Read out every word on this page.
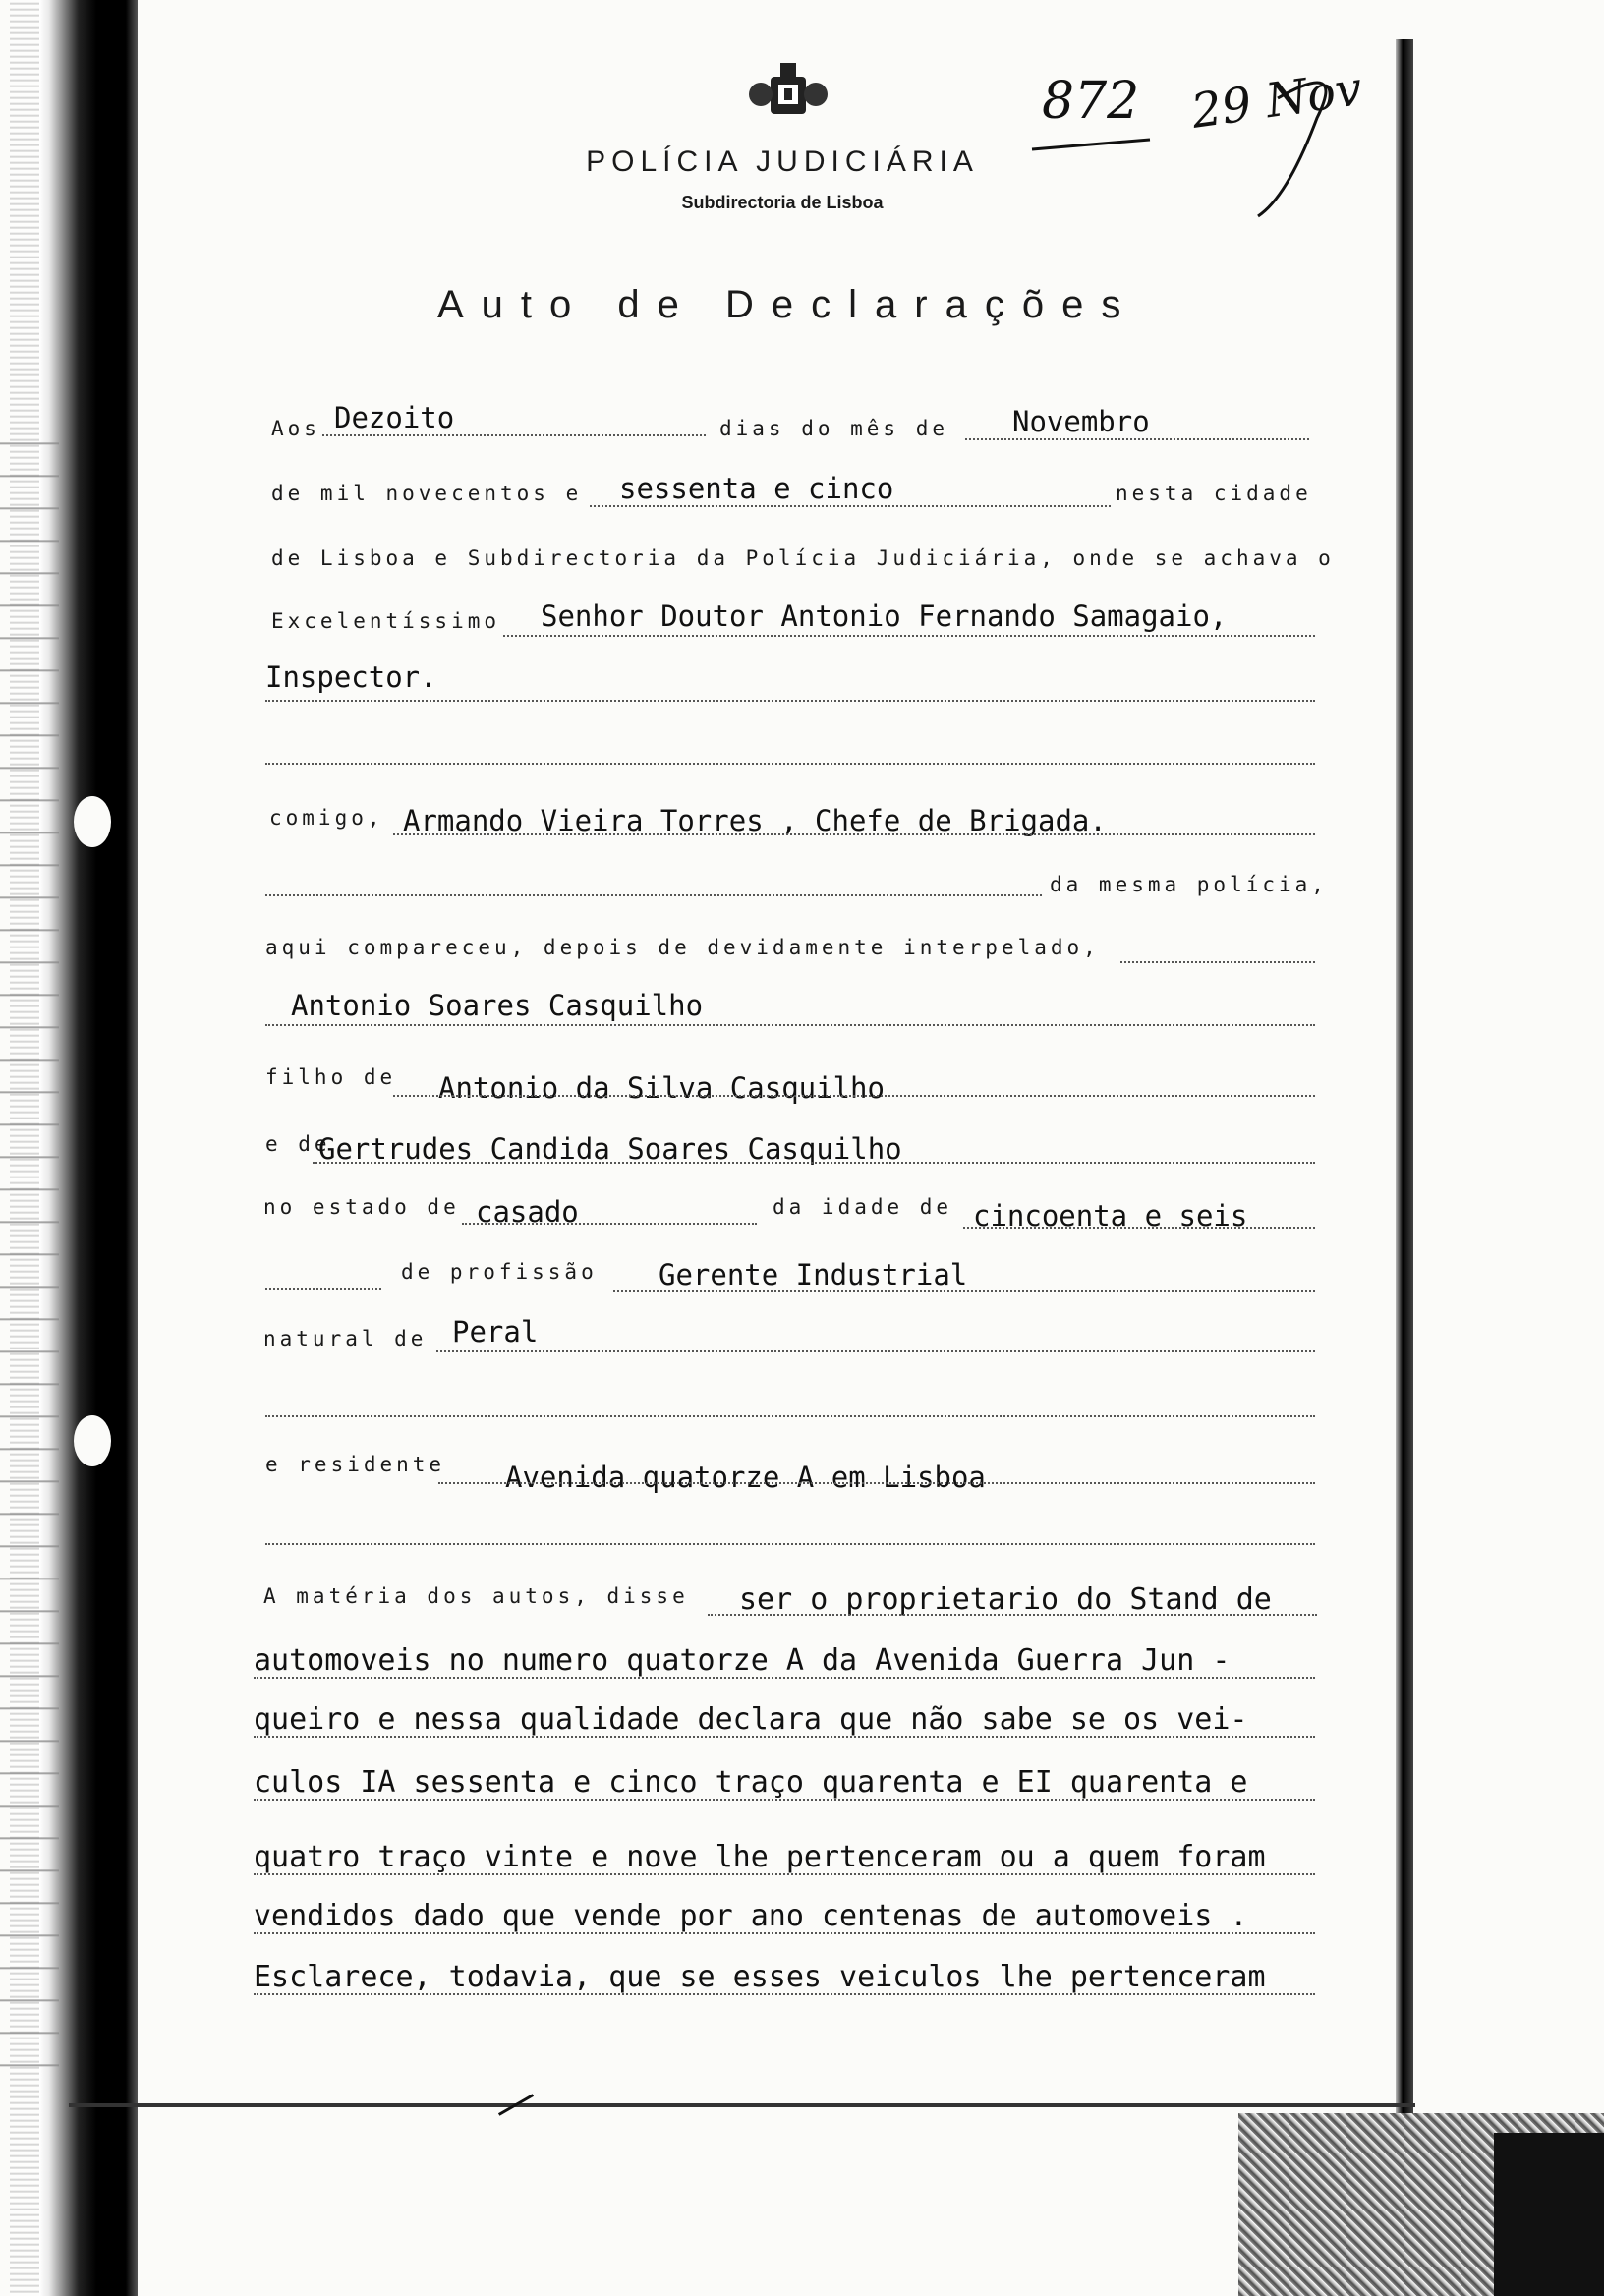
POLÍCIA JUDICIÁRIA
Subdirectoria de Lisboa
872 29 Nov
Auto de Declarações
Aos Dezoito	dias do mês de Novembro
de mil novecentos e sessenta e cinco	nesta cidade
de Lisboa e Subdirectoria da Polícia Judiciária, onde se achava o
Excelentíssimo Senhor Doutor Antonio Fernando Samagaio,
Inspector.
comigo, Armando Vieira Torres , Chefe de Brigada.
da mesma polícia,
aqui compareceu, depois de devidamente interpelado,
Antonio Soares Casquilho
filho de Antonio da Silva Casquilho
e de
Gertrudes Candida Soares Casquilho
no estado de casado	da idade de cincoenta e seis
de profissão Gerente Industrial
natural de Peral
e residente Avenida quatorze A em Lisboa
A matéria dos autos, disse ser o proprietario do Stand de
automoveis no numero quatorze A da Avenida Guerra Jun -
queiro e nessa qualidade declara que não sabe se os vei-
culos IA sessenta e cinco traço quarenta e EI quarenta e
quatro traço vinte e nove lhe pertenceram ou a quem foram
vendidos dado que vende por ano centenas de automoveis .
Esclarece, todavia, que se esses veiculos lhe pertenceram
